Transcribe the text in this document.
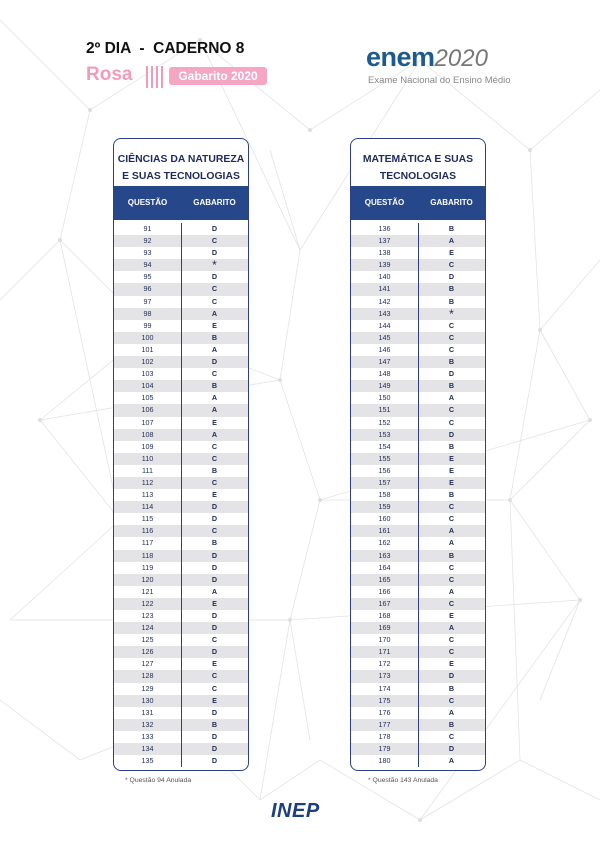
2º DIA  -  CADERNO 8
Rosa	Gabarito 2020
enem2020
Exame Nacional do Ensino Médio
CIÊNCIAS DA NATUREZA
E SUAS TECNOLOGIAS
QUESTÃO	GABARITO
91	D
92	C
93	D
94	*
95	D
96	C
97	C
98	A
99	E
100	B
101	A
102	D
103	C
104	B
105	A
106	A
107	E
108	A
109	C
110	C
111	B
112	C
113	E
114	D
115	D
116	C
117	B
118	D
119	D
120	D
121	A
122	E
123	D
124	D
125	C
126	D
127	E
128	C
129	C
130	E
131	D
132	B
133	D
134	D
135	D
MATEMÁTICA E SUAS
TECNOLOGIAS
QUESTÃO	GABARITO
136	B
137	A
138	E
139	C
140	D
141	B
142	B
143	*
144	C
145	C
146	C
147	B
148	D
149	B
150	A
151	C
152	C
153	D
154	B
155	E
156	E
157	E
158	B
159	C
160	C
161	A
162	A
163	B
164	C
165	C
166	A
167	C
168	E
169	A
170	C
171	C
172	E
173	D
174	B
175	C
176	A
177	B
178	C
179	D
180	A
* Questão 94 Anulada	* Questão 143 Anulada
INEP
